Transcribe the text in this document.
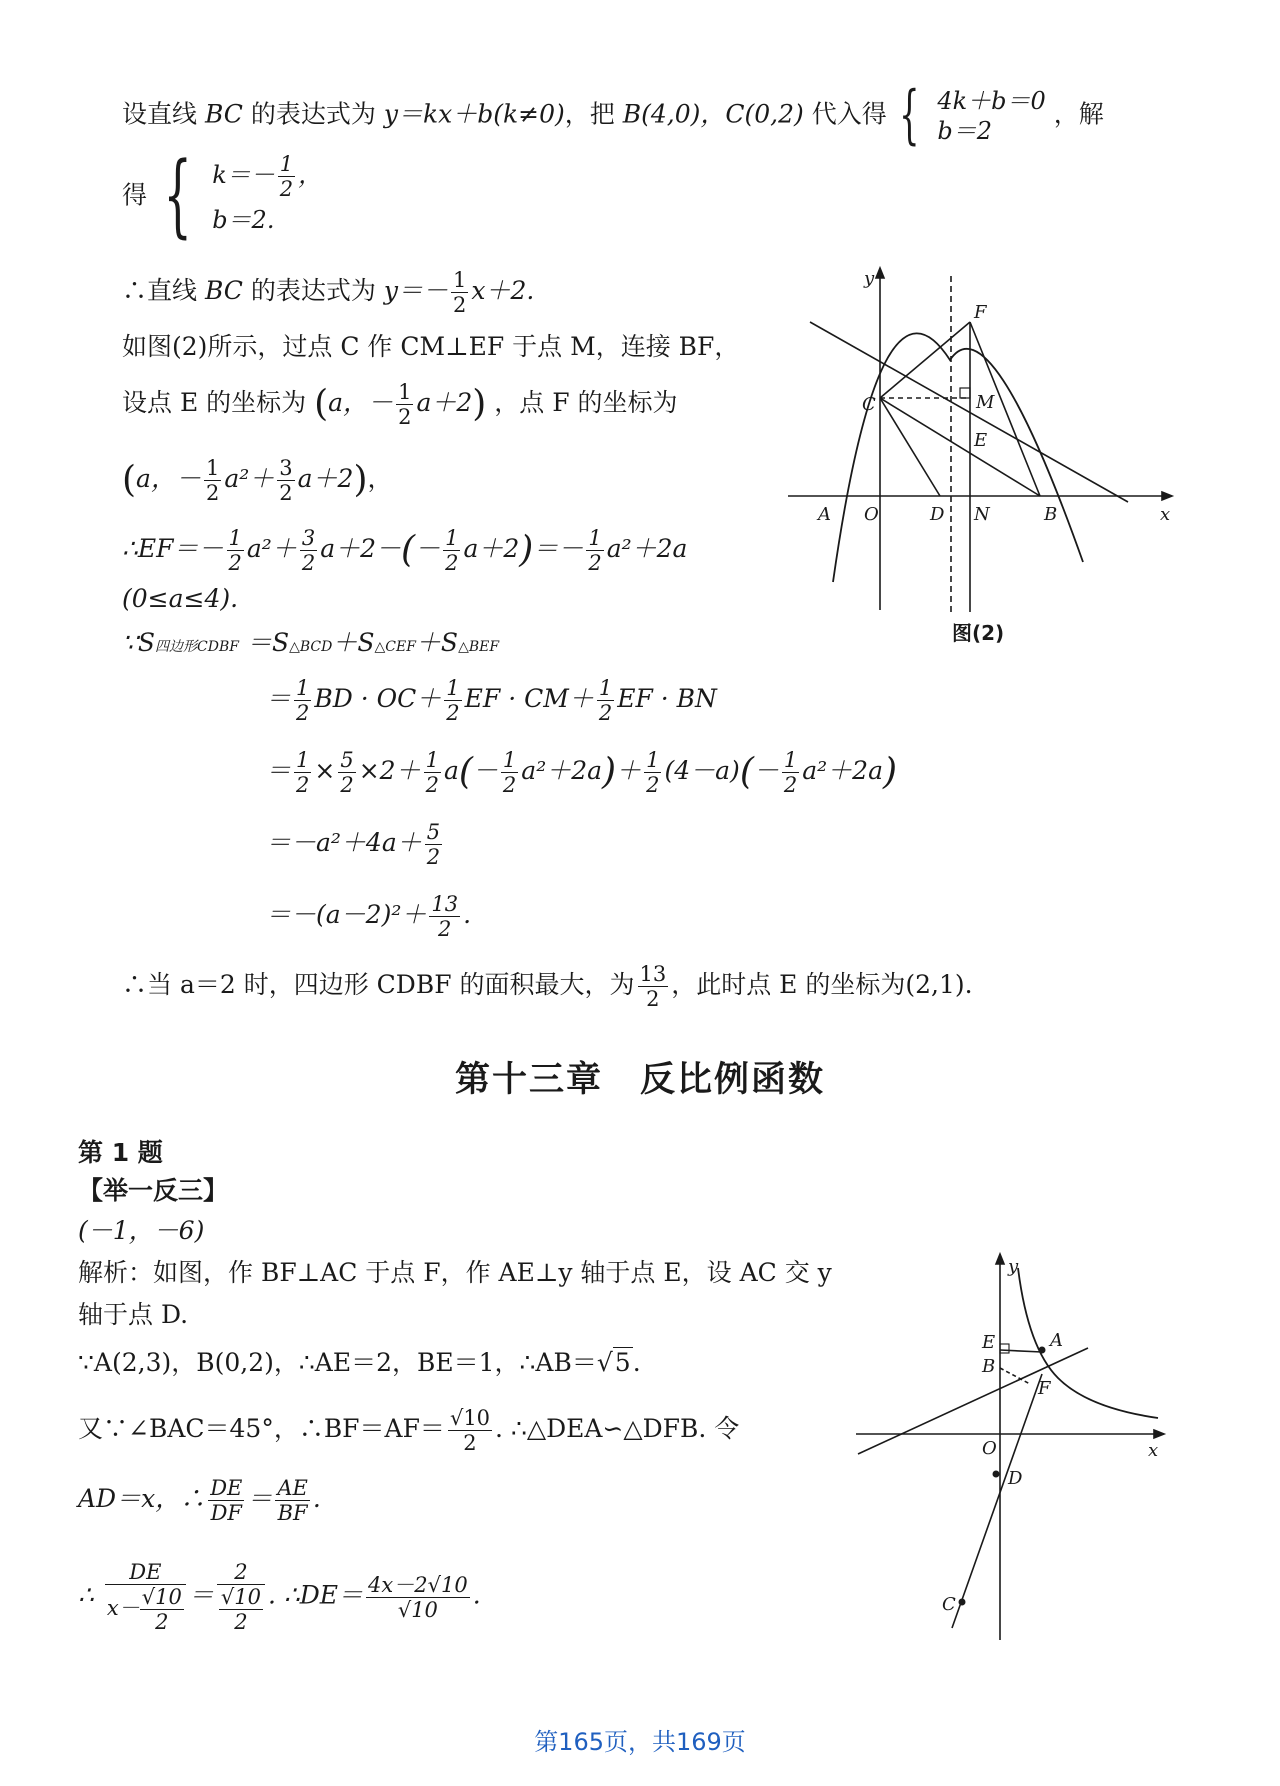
设直线 BC 的表达式为 y＝kx＋b(k≠0)，把 B(4,0)，C(0,2) 代入得 { 4k＋b＝0
b＝2
，解
得 { $k=- \frac{1}{2}$ ，
b＝2.
∴直线 BC 的表达式为 $y=- \frac{1}{2} x+2$.
如图(2)所示，过点 C 作 CM⊥EF 于点 M，连接 BF，
设点 E 的坐标为 (a，－ $\frac{1}{2} a+2$) ，点 F 的坐标为
(a，－ $\frac{1}{2} a^2+ \frac{3}{2} a+2$)，
∴EF＝－ $\frac{1}{2} a^2+ \frac{3}{2} a+2-(- \frac{1}{2} a+2)=- \frac{1}{2} a^2+2a$
(0≤a≤4).
∵S四边形CDBF ＝S△BCD＋S△CEF＋S△BEF
＝ $\frac{1}{2}$ BD · $OC+ \frac{1}{2}$ EF · $CM+ \frac{1}{2}$ EF · BN
＝ $\frac{1}{2} \times \frac{5}{2} \times 2+ \frac{1}{2} a(- \frac{1}{2} a^2+2a)+ \frac{1}{2} (4-a)(- \frac{1}{2} a^2+2a)$
$=-a^2+4a+ \frac{5}{2}$
$=-(a-2)^2+ \frac{13}{2}$ .
∴当 a＝2 时，四边形 CDBF 的面积最大，为 $\frac{13}{2}$ ，此时点 E 的坐标为(2,1).
y
x
F
C	M
E
A O	D N	B
图(2)
第十三章　反比例函数
第 1 题
【举一反三】
(－1，－6)
解析：如图，作 BF⊥AC 于点 F，作 AE⊥y 轴于点 E，设 AC 交 y
轴于点 D.
∵A(2,3)，B(0,2)，∴AE＝2，BE＝1，∴AB＝√5.
又∵∠BAC＝45°，∴BF＝AF＝ $\frac{√10}{2}$ . ∴△DEA∽△DFB. 令
AD＝x，∴ $\frac{DE}{DF} = \frac{AE}{BF}$ .
∴ $\frac{DE}{x- \frac{√10}{2}} = \frac{2}{\frac{√10}{2}}$ . ∴DE＝ $\frac{4x-2√10}{√10}$ .
y
x
E	A
B
F
O
D
C
第165页，共169页
